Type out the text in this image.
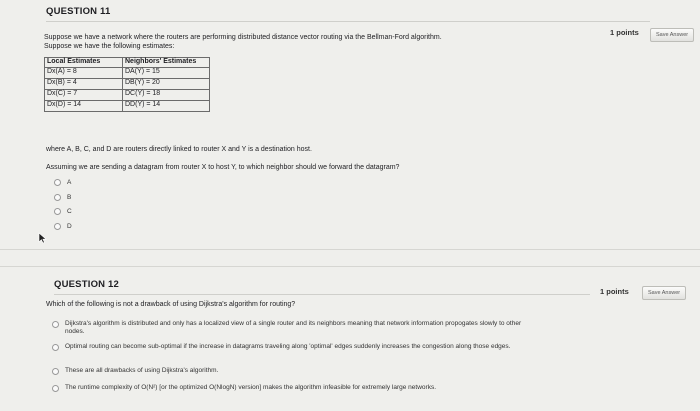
QUESTION 11
1 points	Save Answer
Suppose we have a network where the routers are performing distributed distance vector routing via the Bellman-Ford algorithm.
Suppose we have the following estimates:
Local Estimates	Neighbors' Estimates
Dx(A) = 8	DA(Y) = 15
Dx(B) = 4	DB(Y) = 20
Dx(C) = 7	DC(Y) = 18
Dx(D) = 14	DD(Y) = 14
where A, B, C, and D are routers directly linked to router X and Y is a destination host.
Assuming we are sending a datagram from router X to host Y, to which neighbor should we forward the datagram?
A
B
C
D
QUESTION 12
1 points	Save Answer
Which of the following is not a drawback of using Dijkstra's algorithm for routing?
Dijkstra's algorithm is distributed and only has a localized view of a single router and its neighbors meaning that network information propogates slowly to other nodes.
Optimal routing can become sub-optimal if the increase in datagrams traveling along 'optimal' edges suddenly increases the congestion along those edges.
These are all drawbacks of using Dijkstra's algorithm.
The runtime complexity of O(N²) [or the optimized O(NlogN) version] makes the algorithm infeasible for extremely large networks.
